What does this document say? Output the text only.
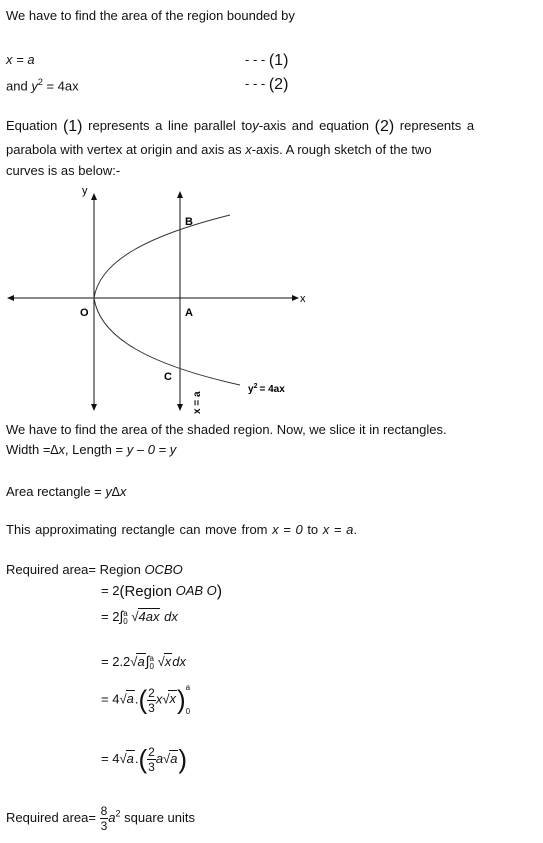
We have to find the area of the region bounded by
x = a	- - - (1)
and $y^2 = 4ax$	- - - (2)
Equation (1) represents a line parallel toy-axis and equation (2) represents a
parabola with vertex at origin and axis as x-axis. A rough sketch of the two
curves is as below:-
y
x
O	A
B
C
x = a
$y^2 = 4ax$
We have to find the area of the shaded region. Now, we slice it in rectangles.
Width =∆x, Length = y – 0 = y
Area rectangle = y∆x
This approximating rectangle can move from x = 0 to x = a.
Required area= Region OCBO
= 2(Region OAB O)
= 2∫ a
0 √4ax dx
= 2.2√a∫ a
0 √xdx
= $4√a.( \frac{2}{3} x√x)$ a
0
= $4√a.( \frac{2}{3} a√a)$
Required area= $\frac{8}{3} a^2$ square units
